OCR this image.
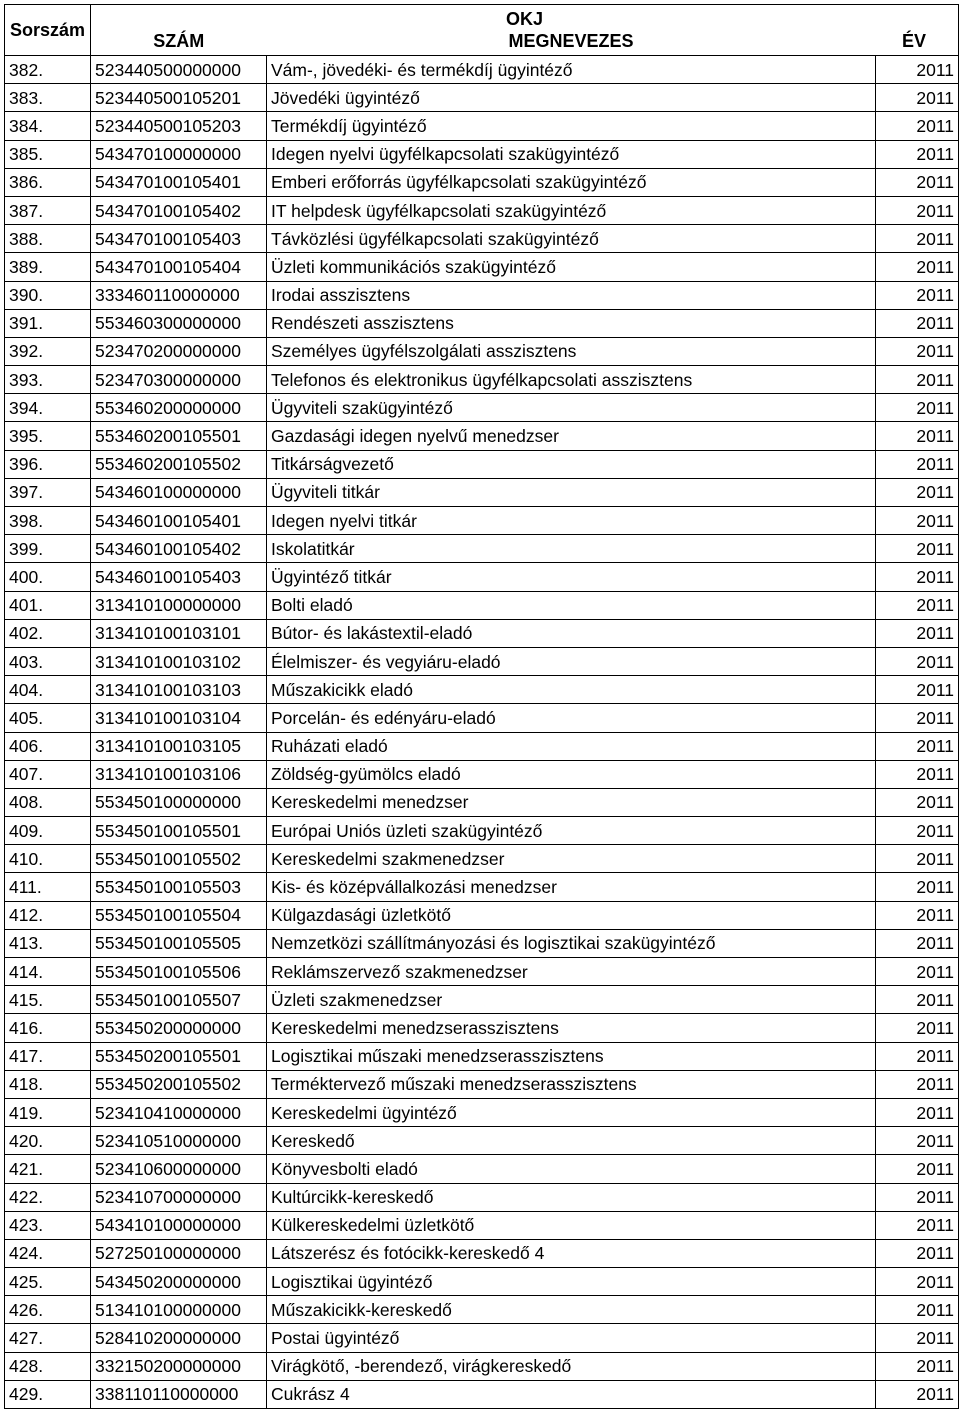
Sorszám	OKJ		
	SZÁM	MEGNEVEZES	ÉV
382.	523440500000000	Vám-, jövedéki- és termékdíj ügyintéző	2011
383.	523440500105201	Jövedéki ügyintéző	2011
384.	523440500105203	Termékdíj ügyintéző	2011
385.	543470100000000	Idegen nyelvi ügyfélkapcsolati szakügyintéző	2011
386.	543470100105401	Emberi erőforrás ügyfélkapcsolati szakügyintéző	2011
387.	543470100105402	IT helpdesk ügyfélkapcsolati szakügyintéző	2011
388.	543470100105403	Távközlési ügyfélkapcsolati szakügyintéző	2011
389.	543470100105404	Üzleti kommunikációs szakügyintéző	2011
390.	333460110000000	Irodai asszisztens	2011
391.	553460300000000	Rendészeti asszisztens	2011
392.	523470200000000	Személyes ügyfélszolgálati asszisztens	2011
393.	523470300000000	Telefonos és elektronikus ügyfélkapcsolati asszisztens	2011
394.	553460200000000	Ügyviteli szakügyintéző	2011
395.	553460200105501	Gazdasági idegen nyelvű menedzser	2011
396.	553460200105502	Titkárságvezető	2011
397.	543460100000000	Ügyviteli titkár	2011
398.	543460100105401	Idegen nyelvi titkár	2011
399.	543460100105402	Iskolatitkár	2011
400.	543460100105403	Ügyintéző titkár	2011
401.	313410100000000	Bolti eladó	2011
402.	313410100103101	Bútor- és lakástextil-eladó	2011
403.	313410100103102	Élelmiszer- és vegyiáru-eladó	2011
404.	313410100103103	Műszakicikk eladó	2011
405.	313410100103104	Porcelán- és edényáru-eladó	2011
406.	313410100103105	Ruházati eladó	2011
407.	313410100103106	Zöldség-gyümölcs eladó	2011
408.	553450100000000	Kereskedelmi menedzser	2011
409.	553450100105501	Európai Uniós üzleti szakügyintéző	2011
410.	553450100105502	Kereskedelmi szakmenedzser	2011
411.	553450100105503	Kis- és középvállalkozási menedzser	2011
412.	553450100105504	Külgazdasági üzletkötő	2011
413.	553450100105505	Nemzetközi szállítmányozási és logisztikai szakügyintéző	2011
414.	553450100105506	Reklámszervező szakmenedzser	2011
415.	553450100105507	Üzleti szakmenedzser	2011
416.	553450200000000	Kereskedelmi menedzserasszisztens	2011
417.	553450200105501	Logisztikai műszaki menedzserasszisztens	2011
418.	553450200105502	Terméktervező műszaki menedzserasszisztens	2011
419.	523410410000000	Kereskedelmi ügyintéző	2011
420.	523410510000000	Kereskedő	2011
421.	523410600000000	Könyvesbolti eladó	2011
422.	523410700000000	Kultúrcikk-kereskedő	2011
423.	543410100000000	Külkereskedelmi üzletkötő	2011
424.	527250100000000	Látszerész és fotócikk-kereskedő 4	2011
425.	543450200000000	Logisztikai ügyintéző	2011
426.	513410100000000	Műszakicikk-kereskedő	2011
427.	528410200000000	Postai ügyintéző	2011
428.	332150200000000	Virágkötő, -berendező, virágkereskedő	2011
429.	338110110000000	Cukrász 4	2011
